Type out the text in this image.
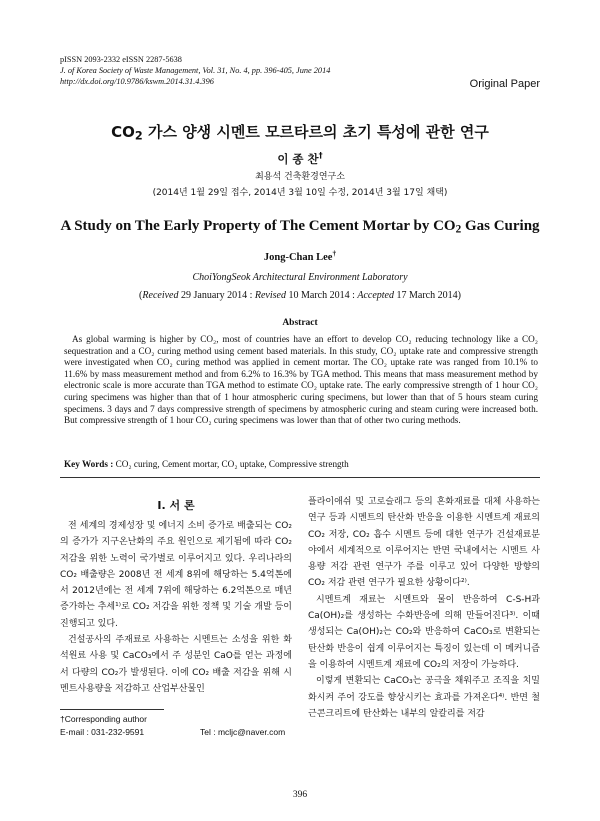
pISSN 2093-2332 eISSN 2287-5638
J. of Korea Society of Waste Management, Vol. 31, No. 4, pp. 396-405, June 2014
http://dx.doi.org/10.9786/kswm.2014.31.4.396	Original Paper
$CO_2$ 가스 양생 시멘트 모르타르의 초기 특성에 관한 연구
이 종 찬†
최용석 건축환경연구소
(2014년 1월 29일 접수, 2014년 3월 10일 수정, 2014년 3월 17일 채택)
A Study on The Early Property of The Cement Mortar by $CO_2$ Gas Curing
Jong-Chan Lee†
ChoiYongSeok Architectural Environment Laboratory
(Received 29 January 2014 : Revised 10 March 2014 : Accepted 17 March 2014)
Abstract
As global warming is higher by CO₂, most of countries have an effort to develop CO₂ reducing technology like a CO₂ sequestration and a CO₂ curing method using cement based materials. In this study, CO₂ uptake rate and compressive strength were investigated when CO₂ curing method was applied in cement mortar. The CO₂ uptake rate was ranged from 10.1% to 11.6% by mass measurement method and from 6.2% to 16.3% by TGA method. This means that mass measurement method by electronic scale is more accurate than TGA method to estimate CO₂ uptake rate. The early compressive strength of 1 hour CO₂ curing specimens was higher than that of 1 hour atmospheric curing specimens, but lower than that of 5 hours steam curing specimens. 3 days and 7 days compressive strength of specimens by atmospheric curing and steam curing were increased both. But compressive strength of 1 hour CO₂ curing specimens was lower than that of other two curing methods.
Key Words : CO₂ curing, Cement mortar, CO₂ uptake, Compressive strength
I. 서 론

전 세계의 경제성장 및 에너지 소비 증가로 배출되는 CO₂의 증가가 지구온난화의 주요 원인으로 제기됨에 따라 CO₂ 저감을 위한 노력이 국가별로 이루어지고 있다. 우리나라의 CO₂ 배출량은 2008년 전 세계 8위에 해당하는 5.4억톤에서 2012년에는 전 세계 7위에 해당하는 6.2억톤으로 매년 증가하는 추세¹⁾로 CO₂ 저감을 위한 정책 및 기술 개발 등이 진행되고 있다.

건설공사의 주재료로 사용하는 시멘트는 소성을 위한 화석원료 사용 및 CaCO₃에서 주 성분인 CaO를 얻는 과정에서 다량의 CO₂가 발생된다. 이에 CO₂ 배출 저감을 위해 시멘트사용량을 저감하고 산업부산물인

플라이애쉬 및 고로슬래그 등의 혼화재료를 대체 사용하는 연구 등과 시멘트의 탄산화 반응을 이용한 시멘트계 재료의 CO₂ 저장, CO₂ 흡수 시멘트 등에 대한 연구가 건설재료분야에서 세계적으로 이루어지는 반면 국내에서는 시멘트 사용량 저감 관련 연구가 주를 이루고 있어 다양한 방향의 CO₂ 저감 관련 연구가 필요한 상황이다²⁾.

시멘트계 재료는 시멘트와 물이 반응하여 C-S-H과 Ca(OH)₂를 생성하는 수화반응에 의해 만들어진다³⁾. 이때 생성되는 Ca(OH)₂는 CO₂와 반응하여 CaCO₃로 변환되는 탄산화 반응이 쉽게 이루어지는 특징이 있는데 이 메커니즘을 이용하여 시멘트계 재료에 CO₂의 저장이 가능하다.

이렇게 변환되는 CaCO₃는 공극을 채워주고 조직을 치밀화시켜 주어 강도를 향상시키는 효과를 가져온다⁴⁾. 반면 철근콘크리트에 탄산화는 내부의 알칼리를 저감

†Corresponding author
E-mail : 031-232-9591	Tel : mcljc@naver.com
396
